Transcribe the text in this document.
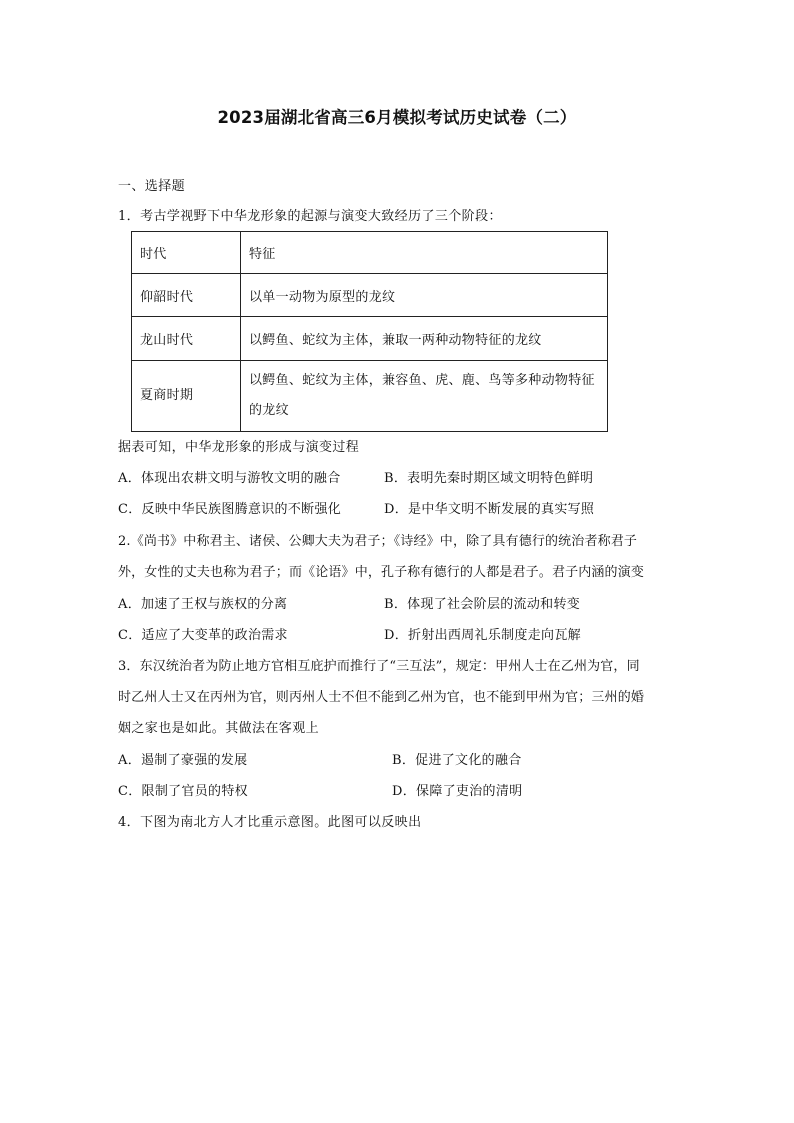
2023届湖北省高三6月模拟考试历史试卷（二）
一、选择题
1．考古学视野下中华龙形象的起源与演变大致经历了三个阶段：
时代	特征
仰韶时代	以单一动物为原型的龙纹
龙山时代	以鳄鱼、蛇纹为主体，兼取一两种动物特征的龙纹
夏商时期	以鳄鱼、蛇纹为主体，兼容鱼、虎、鹿、鸟等多种动物特征的龙纹
据表可知，中华龙形象的形成与演变过程
A．体现出农耕文明与游牧文明的融合	B．表明先秦时期区域文明特色鲜明
C．反映中华民族图腾意识的不断强化	D．是中华文明不断发展的真实写照
2.《尚书》中称君主、诸侯、公卿大夫为君子；《诗经》中，除了具有德行的统治者称君子
外，女性的丈夫也称为君子；而《论语》中，孔子称有德行的人都是君子。君子内涵的演变
A．加速了王权与族权的分离	B．体现了社会阶层的流动和转变
C．适应了大变革的政治需求	D．折射出西周礼乐制度走向瓦解
3．东汉统治者为防止地方官相互庇护而推行了“三互法”，规定：甲州人士在乙州为官，同
时乙州人士又在丙州为官，则丙州人士不但不能到乙州为官，也不能到甲州为官；三州的婚
姻之家也是如此。其做法在客观上
A．遏制了豪强的发展	B．促进了文化的融合
C．限制了官员的特权	D．保障了吏治的清明
4．下图为南北方人才比重示意图。此图可以反映出
